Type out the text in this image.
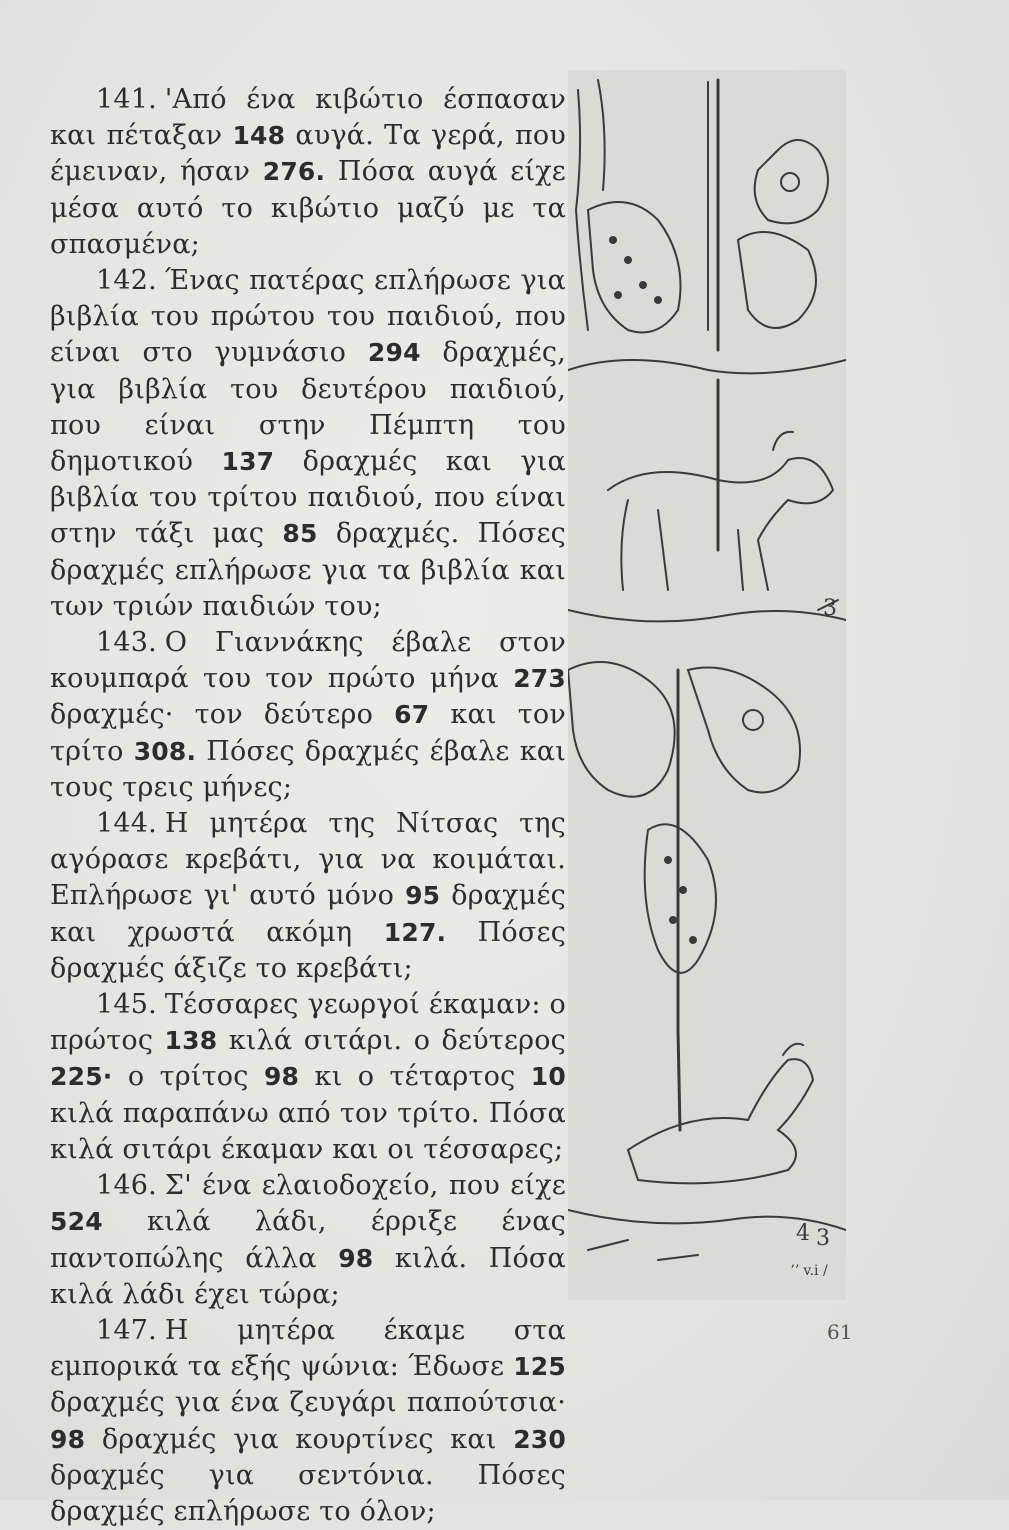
141. 'Από ένα κιβώτιο έσπασαν και πέταξαν 148 αυγά. Τα γερά, που έμειναν, ήσαν 276. Πόσα αυγά είχε μέσα αυτό το κιβώτιο μαζύ με τα σπασμένα;

142. Ένας πατέρας επλήρωσε για βιβλία του πρώτου του παιδιού, που είναι στο γυμνάσιο 294 δραχμές, για βιβλία του δευτέρου παιδιού, που είναι στην Πέμπτη του δημοτικού 137 δραχμές και για βιβλία του τρίτου παιδιού, που είναι στην τάξι μας 85 δραχμές. Πόσες δραχμές επλήρωσε για τα βιβλία και των τριών παιδιών του;

143. Ο Γιαννάκης έβαλε στον κουμπαρά του τον πρώτο μήνα 273 δραχμές· τον δεύτερο 67 και τον τρίτο 308. Πόσες δραχμές έβαλε και τους τρεις μήνες;

144. Η μητέρα της Νίτσας της αγόρασε κρεβάτι, για να κοιμάται. Επλήρωσε γι' αυτό μόνο 95 δραχμές και χρωστά ακόμη 127. Πόσες δραχμές άξιζε το κρεβάτι;

145. Τέσσαρες γεωργοί έκαμαν: ο πρώτος 138 κιλά σιτάρι. ο δεύτερος 225· ο τρίτος 98 κι ο τέταρτος 10 κιλά παραπάνω από τον τρίτο. Πόσα κιλά σιτάρι έκαμαν και οι τέσσαρες;

146. Σ' ένα ελαιοδοχείο, που είχε 524 κιλά λάδι, έρριξε ένας παντοπώλης άλλα 98 κιλά. Πόσα κιλά λάδι έχει τώρα;

147. Η μητέρα έκαμε στα εμπορικά τα εξής ψώνια: Έδωσε 125 δραχμές για ένα ζευγάρι παπούτσια· 98 δραχμές για κουρτίνες και 230 δραχμές για σεντόνια. Πόσες δραχμές επλήρωσε το όλον;

3
4 3
ʼʼ v.i /
61
